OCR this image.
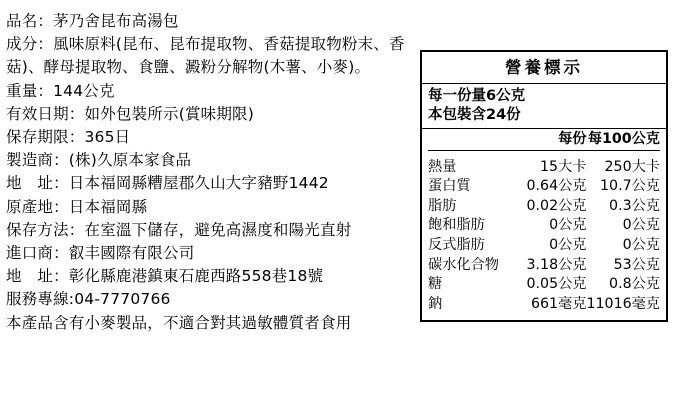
品名：茅乃舍昆布高湯包
成分：風味原料(昆布、昆布提取物、香菇提取物粉末、香菇)、酵母提取物、食鹽、澱粉分解物(木薯、小麥)。
重量：144公克
有效日期：如外包裝所示(賞味期限)
保存期限：365日
製造商：(株)久原本家食品
地　址：日本福岡縣糟屋郡久山大字豬野1442
原產地：日本福岡縣
保存方法：在室溫下儲存，避免高濕度和陽光直射
進口商：叡丰國際有限公司
地　址：彰化縣鹿港鎮東石鹿西路558巷18號
服務專線:04-7770766
本產品含有小麥製品，不適合對其過敏體質者食用
營養標示
每一份量6公克
本包裝含24份
	每份	每100公克

熱量	15大卡	250大卡
蛋白質	0.64公克	10.7公克
脂肪	0.02公克	0.3公克
飽和脂肪	0公克	0公克
反式脂肪	0公克	0公克
碳水化合物	3.18公克	53公克
糖	0.05公克	0.8公克
鈉	661毫克	11016毫克
